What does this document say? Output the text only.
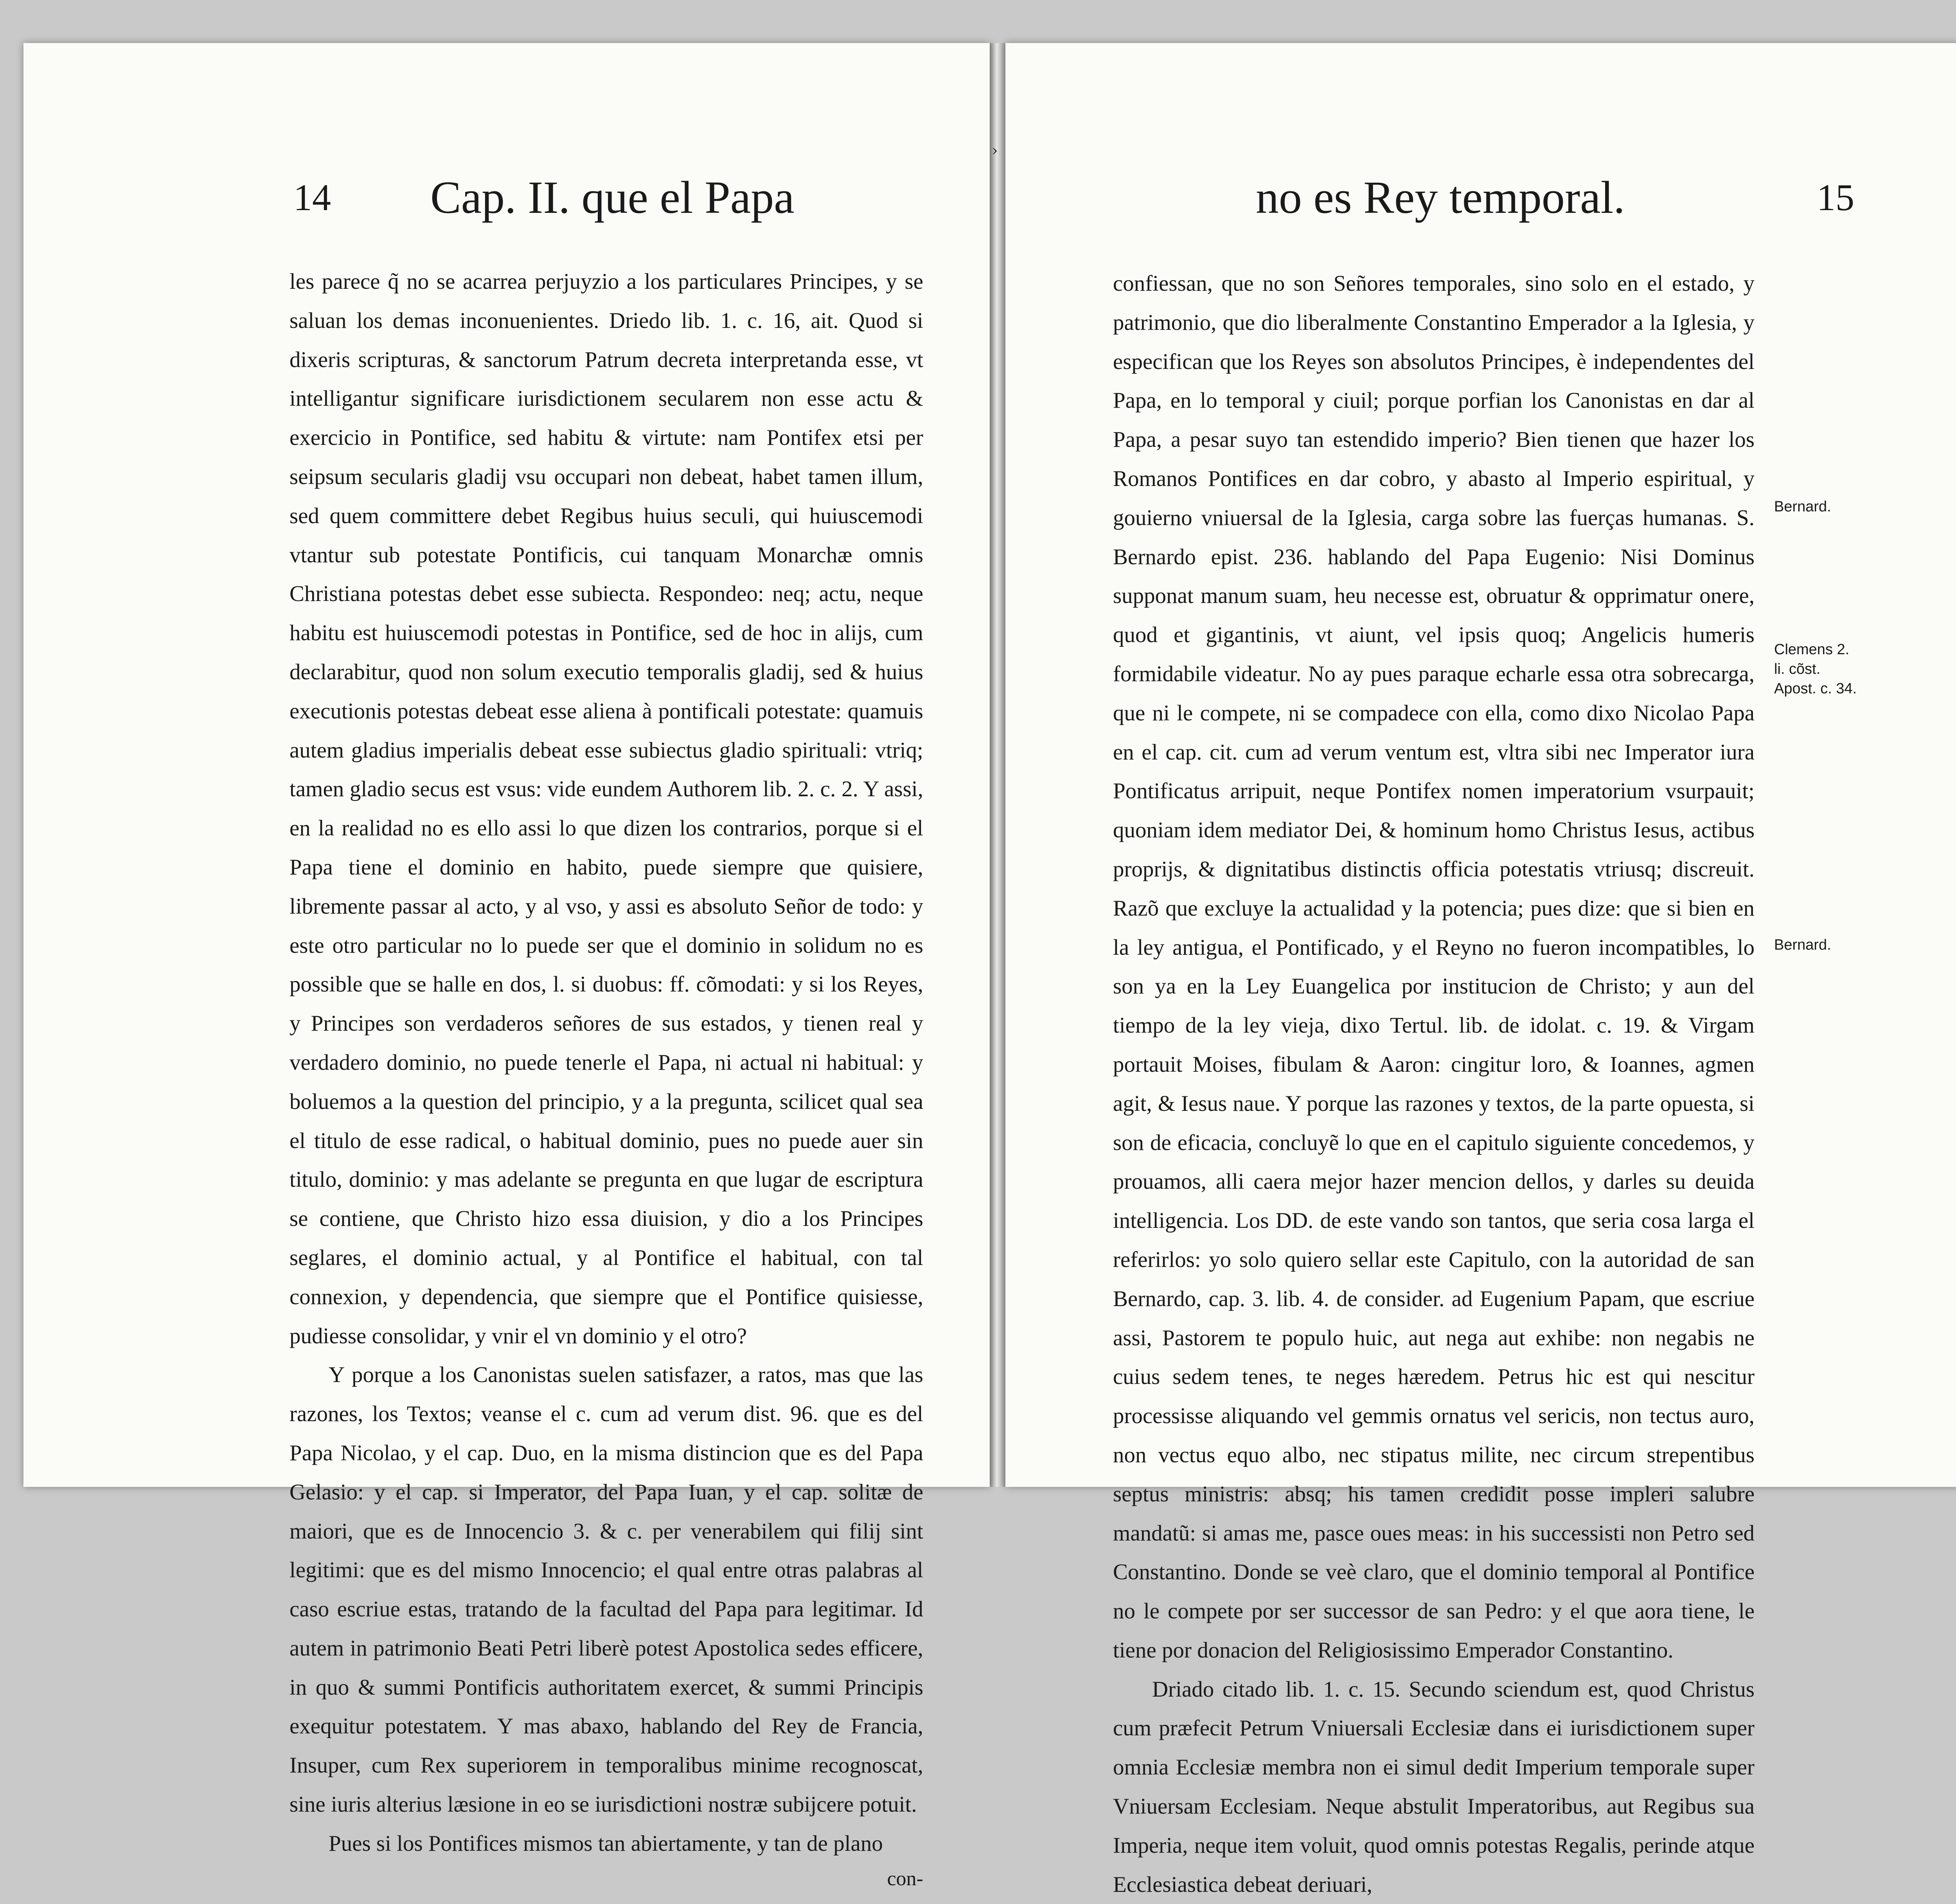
14 Cap. II. que el Papa

les parece q̃ no se acarrea perjuyzio a los particulares Principes, y se saluan los demas inconuenientes. Driedo lib. 1. c. 16, ait. Quod si dixeris scripturas, & sanctorum Patrum decreta interpretanda esse, vt intelligantur significare iurisdictionem secularem non esse actu & exercicio in Pontifice, sed habitu & virtute: nam Pontifex etsi per seipsum secularis gladij vsu occupari non debeat, habet tamen illum, sed quem committere debet Regibus huius seculi, qui huiuscemodi vtantur sub potestate Pontificis, cui tanquam Monarchæ omnis Christiana potestas debet esse subiecta. Respondeo: neq; actu, neque habitu est huiuscemodi potestas in Pontifice, sed de hoc in alijs, cum declarabitur, quod non solum executio temporalis gladij, sed & huius executionis potestas debeat esse aliena à pontificali potestate: quamuis autem gladius imperialis debeat esse subiectus gladio spirituali: vtriq; tamen gladio secus est vsus: vide eundem Authorem lib. 2. c. 2. Y assi, en la realidad no es ello assi lo que dizen los contrarios, porque si el Papa tiene el dominio en habito, puede siempre que quisiere, libremente passar al acto, y al vso, y assi es absoluto Señor de todo: y este otro particular no lo puede ser que el dominio in solidum no es possible que se halle en dos, l. si duobus: ff. cõmodati: y si los Reyes, y Principes son verdaderos señores de sus estados, y tienen real y verdadero dominio, no puede tenerle el Papa, ni actual ni habitual: y boluemos a la question del principio, y a la pregunta, scilicet qual sea el titulo de esse radical, o habitual dominio, pues no puede auer sin titulo, dominio: y mas adelante se pregunta en que lugar de escriptura se contiene, que Christo hizo essa diuision, y dio a los Principes seglares, el dominio actual, y al Pontifice el habitual, con tal connexion, y dependencia, que siempre que el Pontifice quisiesse, pudiesse consolidar, y vnir el vn dominio y el otro?

Y porque a los Canonistas suelen satisfazer, a ratos, mas que las razones, los Textos; veanse el c. cum ad verum dist. 96. que es del Papa Nicolao, y el cap. Duo, en la misma distincion que es del Papa Gelasio: y el cap. si Imperator, del Papa Iuan, y el cap. solitæ de maiori, que es de Innocencio 3. & c. per venerabilem qui filij sint legitimi: que es del mismo Innocencio; el qual entre otras palabras al caso escriue estas, tratando de la facultad del Papa para legitimar. Id autem in patrimonio Beati Petri liberè potest Apostolica sedes efficere, in quo & summi Pontificis authoritatem exercet, & summi Principis exequitur potestatem. Y mas abaxo, hablando del Rey de Francia, Insuper, cum Rex superiorem in temporalibus minime recognoscat, sine iuris alterius læsione in eo se iurisdictioni nostræ subijcere potuit.

Pues si los Pontifices mismos tan abiertamente, y tan de plano

con-
›
no es Rey temporal.	15

confiessan, que no son Señores temporales, sino solo en el estado, y patrimonio, que dio liberalmente Constantino Emperador a la Iglesia, y especifican que los Reyes son absolutos Principes, è independentes del Papa, en lo temporal y ciuil; porque porfian los Canonistas en dar al Papa, a pesar suyo tan estendido imperio? Bien tienen que hazer los Romanos Pontifices en dar cobro, y abasto al Imperio espiritual, y gouierno vniuersal de la Iglesia, carga sobre las fuerças humanas. S. Bernardo epist. 236. hablando del Papa Eugenio: Nisi Dominus supponat manum suam, heu necesse est, obruatur & opprimatur onere, quod et gigantinis, vt aiunt, vel ipsis quoq; Angelicis humeris formidabile videatur. No ay pues paraque echarle essa otra sobrecarga, que ni le compete, ni se compadece con ella, como dixo Nicolao Papa en el cap. cit. cum ad verum ventum est, vltra sibi nec Imperator iura Pontificatus arripuit, neque Pontifex nomen imperatorium vsurpauit; quoniam idem mediator Dei, & hominum homo Christus Iesus, actibus proprijs, & dignitatibus distinctis officia potestatis vtriusq; discreuit. Razõ que excluye la actualidad y la potencia; pues dize: que si bien en la ley antigua, el Pontificado, y el Reyno no fueron incompatibles, lo son ya en la Ley Euangelica por institucion de Christo; y aun del tiempo de la ley vieja, dixo Tertul. lib. de idolat. c. 19. & Virgam portauit Moises, fibulam & Aaron: cingitur loro, & Ioannes, agmen agit, & Iesus naue. Y porque las razones y textos, de la parte opuesta, si son de eficacia, concluyẽ lo que en el capitulo siguiente concedemos, y prouamos, alli caera mejor hazer mencion dellos, y darles su deuida intelligencia. Los DD. de este vando son tantos, que seria cosa larga el referirlos: yo solo quiero sellar este Capitulo, con la autoridad de san Bernardo, cap. 3. lib. 4. de consider. ad Eugenium Papam, que escriue assi, Pastorem te populo huic, aut nega aut exhibe: non negabis ne cuius sedem tenes, te neges hæredem. Petrus hic est qui nescitur processisse aliquando vel gemmis ornatus vel sericis, non tectus auro, non vectus equo albo, nec stipatus milite, nec circum strepentibus septus ministris: absq; his tamen credidit posse impleri salubre mandatũ: si amas me, pasce oues meas: in his successisti non Petro sed Constantino. Donde se veè claro, que el dominio temporal al Pontifice no le compete por ser successor de san Pedro: y el que aora tiene, le tiene por donacion del Religiosissimo Emperador Constantino.

Driado citado lib. 1. c. 15. Secundo sciendum est, quod Christus cum præfecit Petrum Vniuersali Ecclesiæ dans ei iurisdictionem super omnia Ecclesiæ membra non ei simul dedit Imperium temporale super Vniuersam Ecclesiam. Neque abstulit Imperatoribus, aut Regibus sua Imperia, neque item voluit, quod omnis potestas Regalis, perinde atque Ecclesiastica debeat deriuari,

Bernard.
Clemens 2. li. cõst. Apost. c. 34.
Bernard.
